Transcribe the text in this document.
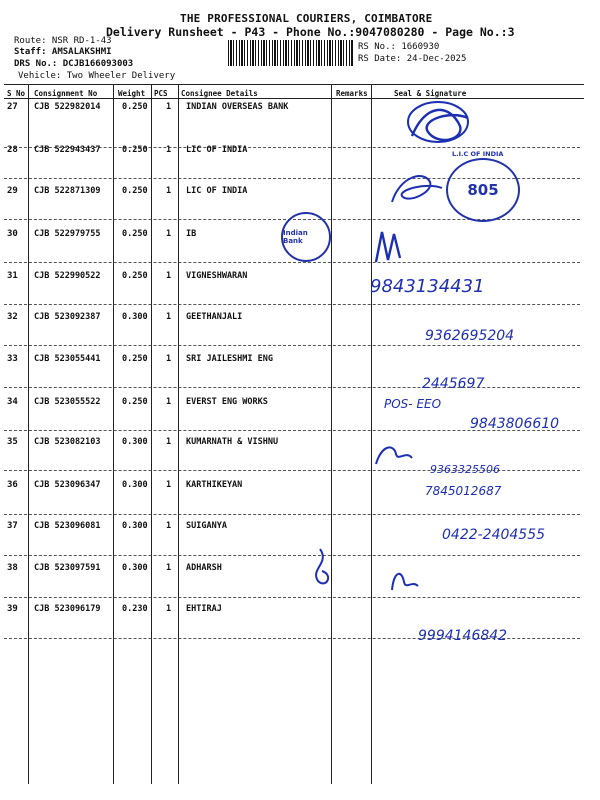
THE PROFESSIONAL COURIERS, COIMBATORE
Delivery Runsheet - P43 - Phone No.:9047080280 - Page No.:3
Route: NSR RD-1-43
Staff: AMSALAKSHMI
DRS No.: DCJB166093003
Vehicle: Two Wheeler Delivery
RS No.: 1660930
RS Date: 24-Dec-2025
S No Consignment No	Weight PCS Consignee Details	Remarks	Seal & Signature
27 CJB 522982014	0.250 1 INDIAN OVERSEAS BANK
28 CJB 522943437	0.250 1 LIC OF INDIA
29 CJB 522871309	0.250 1 LIC OF INDIA
30 CJB 522979755	0.250 1 IB
31 CJB 522990522	0.250 1 VIGNESHWARAN
32 CJB 523092387	0.300 1 GEETHANJALI
33 CJB 523055441	0.250 1 SRI JAILESHMI ENG
34 CJB 523055522	0.250 1 EVERST ENG WORKS
35 CJB 523082103	0.300 1 KUMARNATH & VISHNU
36 CJB 523096347	0.300 1 KARTHIKEYAN
37 CJB 523096081	0.300 1 SUIGANYA
38 CJB 523097591	0.300 1 ADHARSH
39 CJB 523096179	0.230 1 EHTIRAJ
805
L.I.C OF INDIA
Indian Bank
9843134431
9362695204
2445697
POS- EEO
9843806610
9363325506
7845012687
0422-2404555
9994146842
